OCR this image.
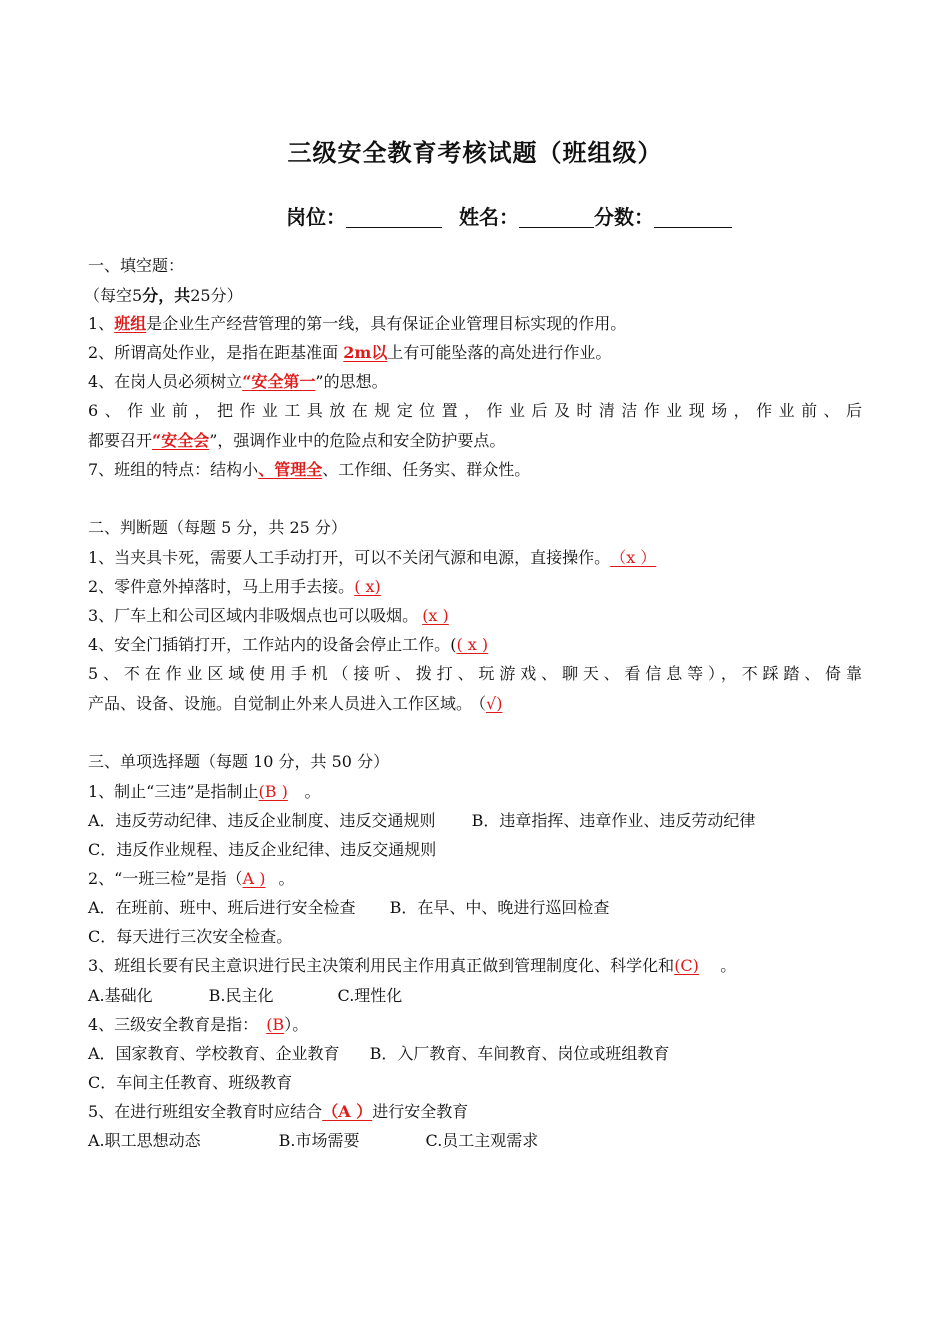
三级安全教育考核试题（班组级）
岗位：	姓名：	分数：
一、填空题：
（每空5分，共25分）
1、班组是企业生产经营管理的第一线，具有保证企业管理目标实现的作用。
2、所谓高处作业，是指在距基准面 2m以上有可能坠落的高处进行作业。
4、在岗人员必须树立“安全第一”的思想。
6、作业前，把作业工具放在规定位置，作业后及时清洁作业现场，作业前、后
都要召开“安全会”，强调作业中的危险点和安全防护要点。
7、班组的特点：结构小、管理全、工作细、任务实、群众性。
二、判断题（每题 5 分，共 25 分）
1、当夹具卡死，需要人工手动打开，可以不关闭气源和电源，直接操作。（x ）
2、零件意外掉落时，马上用手去接。( x)
3、厂车上和公司区域内非吸烟点也可以吸烟。 (x )
4、安全门插销打开，工作站内的设备会停止工作。(( x )
5、不在作业区域使用手机（接听、拨打、玩游戏、聊天、看信息等），不踩踏、倚靠
产品、设备、设施。自觉制止外来人员进入工作区域。 （√)
三、单项选择题（每题 10 分，共 50 分）
1、制止“三违”是指制止(B ) 。
A．违反劳动纪律、违反企业制度、违反交通规则 B．违章指挥、违章作业、违反劳动纪律
C．违反作业规程、违反企业纪律、违反交通规则
2、“一班三检”是指（A ) 。
A．在班前、班中、班后进行安全检查 B．在早、中、晚进行巡回检查
C．每天进行三次安全检查。
3、班组长要有民主意识进行民主决策利用民主作用真正做到管理制度化、科学化和(C) 。
A.基础化	B.民主化	C.理性化
4、三级安全教育是指： (B）。
A．国家教育、学校教育、企业教育 B．入厂教育、车间教育、岗位或班组教育
C．车间主任教育、班级教育
5、在进行班组安全教育时应结合（A ）进行安全教育
A.职工思想动态	B.市场需要	C.员工主观需求
